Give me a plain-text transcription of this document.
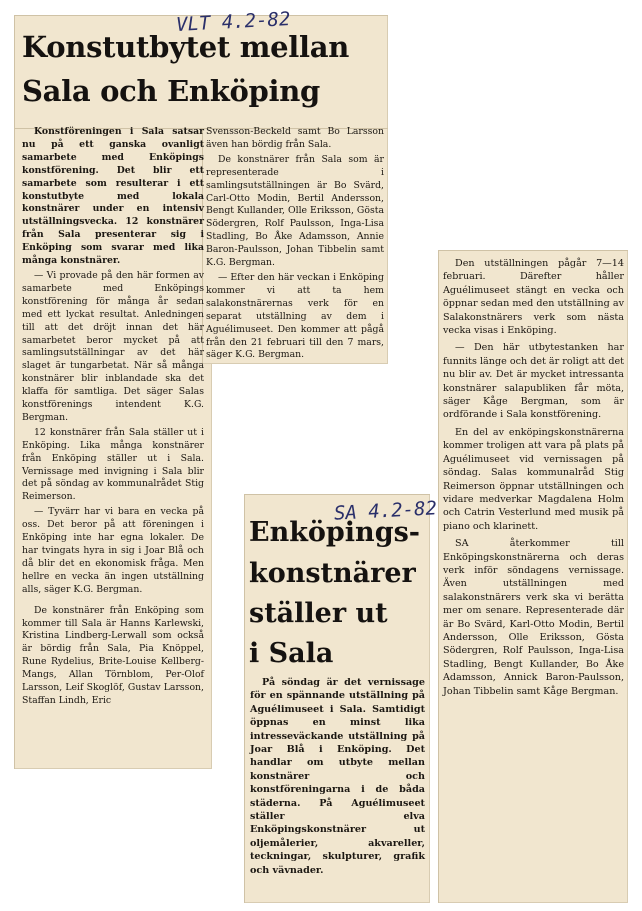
VLT 4.2-82
Konstutbytet mellan
Sala och Enköping

Konstföreningen i Sala satsar nu på ett ganska ovanligt samarbete med Enköpings konstförening. Det blir ett samarbete som resulterar i ett konstutbyte med lokala konstnärer under en intensiv utställningsvecka. 12 konstnärer från Sala presenterar sig i Enköping som svarar med lika många konstnärer.

— Vi provade på den här formen av samarbete med Enköpings konstförening för många år sedan med ett lyckat resultat. Anledningen till att det dröjt innan det här samarbetet beror mycket på att samlingsutställningar av det här slaget är tungarbetat. När så många konstnärer blir inblandade ska det klaffa för samtliga. Det säger Salas konstförenings intendent K.G. Bergman.

12 konstnärer från Sala ställer ut i Enköping. Lika många konstnärer från Enköping ställer ut i Sala. Vernissage med invigning i Sala blir det på söndag av kommunalrådet Stig Reimerson.

— Tyvärr har vi bara en vecka på oss. Det beror på att föreningen i Enköping inte har egna lokaler. De har tvingats hyra in sig i Joar Blå och då blir det en ekonomisk fråga. Men hellre en vecka än ingen utställning alls, säger K.G. Bergman.

De konstnärer från Enköping som kommer till Sala är Hanns Karlewski, Kristina Lindberg-Lerwall som också är bördig från Sala, Pia Knöppel, Rune Rydelius, Brite-Louise Kellberg-Mangs, Allan Törnblom, Per-Olof Larsson, Leif Skoglöf, Gustav Larsson, Staffan Lindh, Eric

Svensson-Beckeld samt Bo Larsson även han bördig från Sala.

De konstnärer från Sala som är representerade i samlingsutställningen är Bo Svärd, Carl-Otto Modin, Bertil Andersson, Bengt Kullander, Olle Eriksson, Gösta Södergren, Rolf Paulsson, Inga-Lisa Stadling, Bo Åke Adamsson, Annie Baron-Paulsson, Johan Tibbelin samt K.G. Bergman.

— Efter den här veckan i Enköping kommer vi att ta hem salakonstnärernas verk för en separat utställning av dem i Aguélimuseet. Den kommer att pågå från den 21 februari till den 7 mars, säger K.G. Bergman.

SA 4.2-82
Enköpings-
konstnärer
ställer ut
i Sala

På söndag är det vernissage för en spännande utställning på Aguélimuseet i Sala. Samtidigt öppnas en minst lika intresseväckande utställning på Joar Blå i Enköping. Det handlar om utbyte mellan konstnärer och konstföreningarna i de båda städerna. På Aguélimuseet ställer elva Enköpingskonstnärer ut oljemålerier, akvareller, teckningar, skulpturer, grafik och vävnader.

Den utställningen pågår 7—14 februari. Därefter håller Aguélimuseet stängt en vecka och öppnar sedan med den utställning av Salakonstnärers verk som nästa vecka visas i Enköping.

— Den här utbytestanken har funnits länge och det är roligt att det nu blir av. Det är mycket intressanta konstnärer salapubliken får möta, säger Kåge Bergman, som är ordförande i Sala konstförening.

En del av enköpingskonstnärerna kommer troligen att vara på plats på Aguélimuseet vid vernissagen på söndag. Salas kommunalråd Stig Reimerson öppnar utställningen och vidare medverkar Magdalena Holm och Catrin Vesterlund med musik på piano och klarinett.

SA återkommer till Enköpingskonstnärerna och deras verk inför söndagens vernissage. Även utställningen med salakonstnärers verk ska vi berätta mer om senare. Representerade där är Bo Svärd, Karl-Otto Modin, Bertil Andersson, Olle Eriksson, Gösta Södergren, Rolf Paulsson, Inga-Lisa Stadling, Bengt Kullander, Bo Åke Adamsson, Annick Baron-Paulsson, Johan Tibbelin samt Kåge Bergman.
